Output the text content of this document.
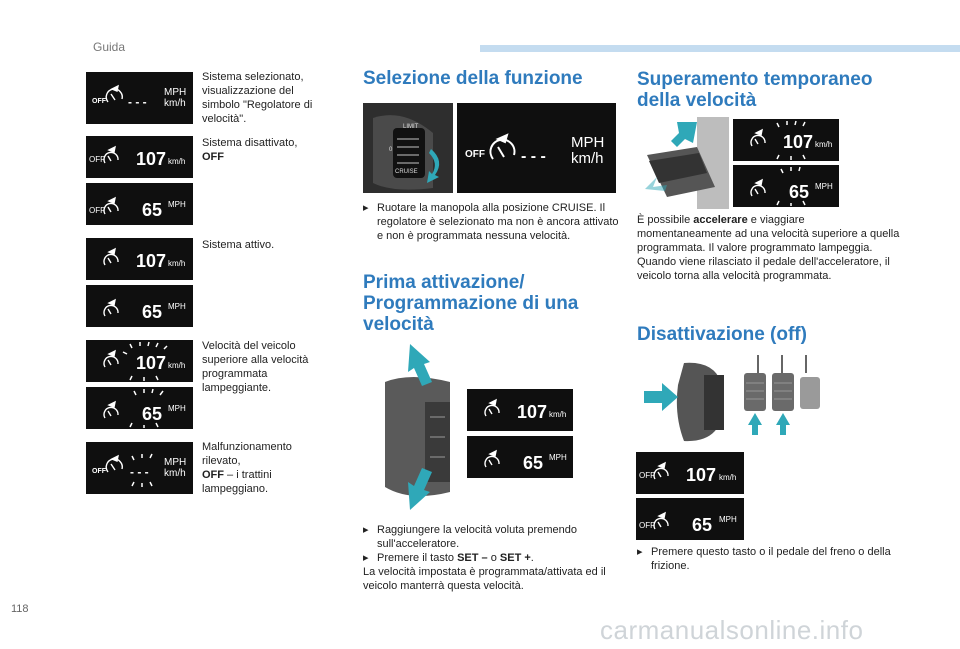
Guida
OFF - - -
MPH
km/h
Sistema selezionato, visualizzazione del simbolo "Regolatore di velocità".
OFF 107 km/h
Sistema disattivato,
OFF
OFF 65 MPH
107 km/h
Sistema attivo.
65 MPH
107 km/h
Velocità del veicolo superiore alla velocità programmata lampeggiante.
65 MPH
OFF - - -
MPH
km/h
Malfunzionamento rilevato,
OFF – i trattini lampeggiano.
Selezione della funzione
LIMIT
0
CRUISE
OFF - - -
MPH
km/h
▸ Ruotare la manopola alla posizione CRUISE. Il regolatore è selezionato ma non è ancora attivato e non è programmata nessuna velocità.
Prima attivazione/ Programmazione di una velocità
107 km/h
65 MPH
▸ Raggiungere la velocità voluta premendo sull'acceleratore.
▸ Premere il tasto SET – o SET +.
La velocità impostata è programmata/attivata ed il veicolo manterrà questa velocità.
Superamento temporaneo della velocità
107 km/h
65 MPH
È possibile accelerare e viaggiare momentaneamente ad una velocità superiore a quella programmata. Il valore programmato lampeggia.
Quando viene rilasciato il pedale dell'acceleratore, il veicolo torna alla velocità programmata.
Disattivazione (off)
OFF 107 km/h
OFF 65 MPH
▸ Premere questo tasto o il pedale del freno o della frizione.
118
carmanualsonline.info
